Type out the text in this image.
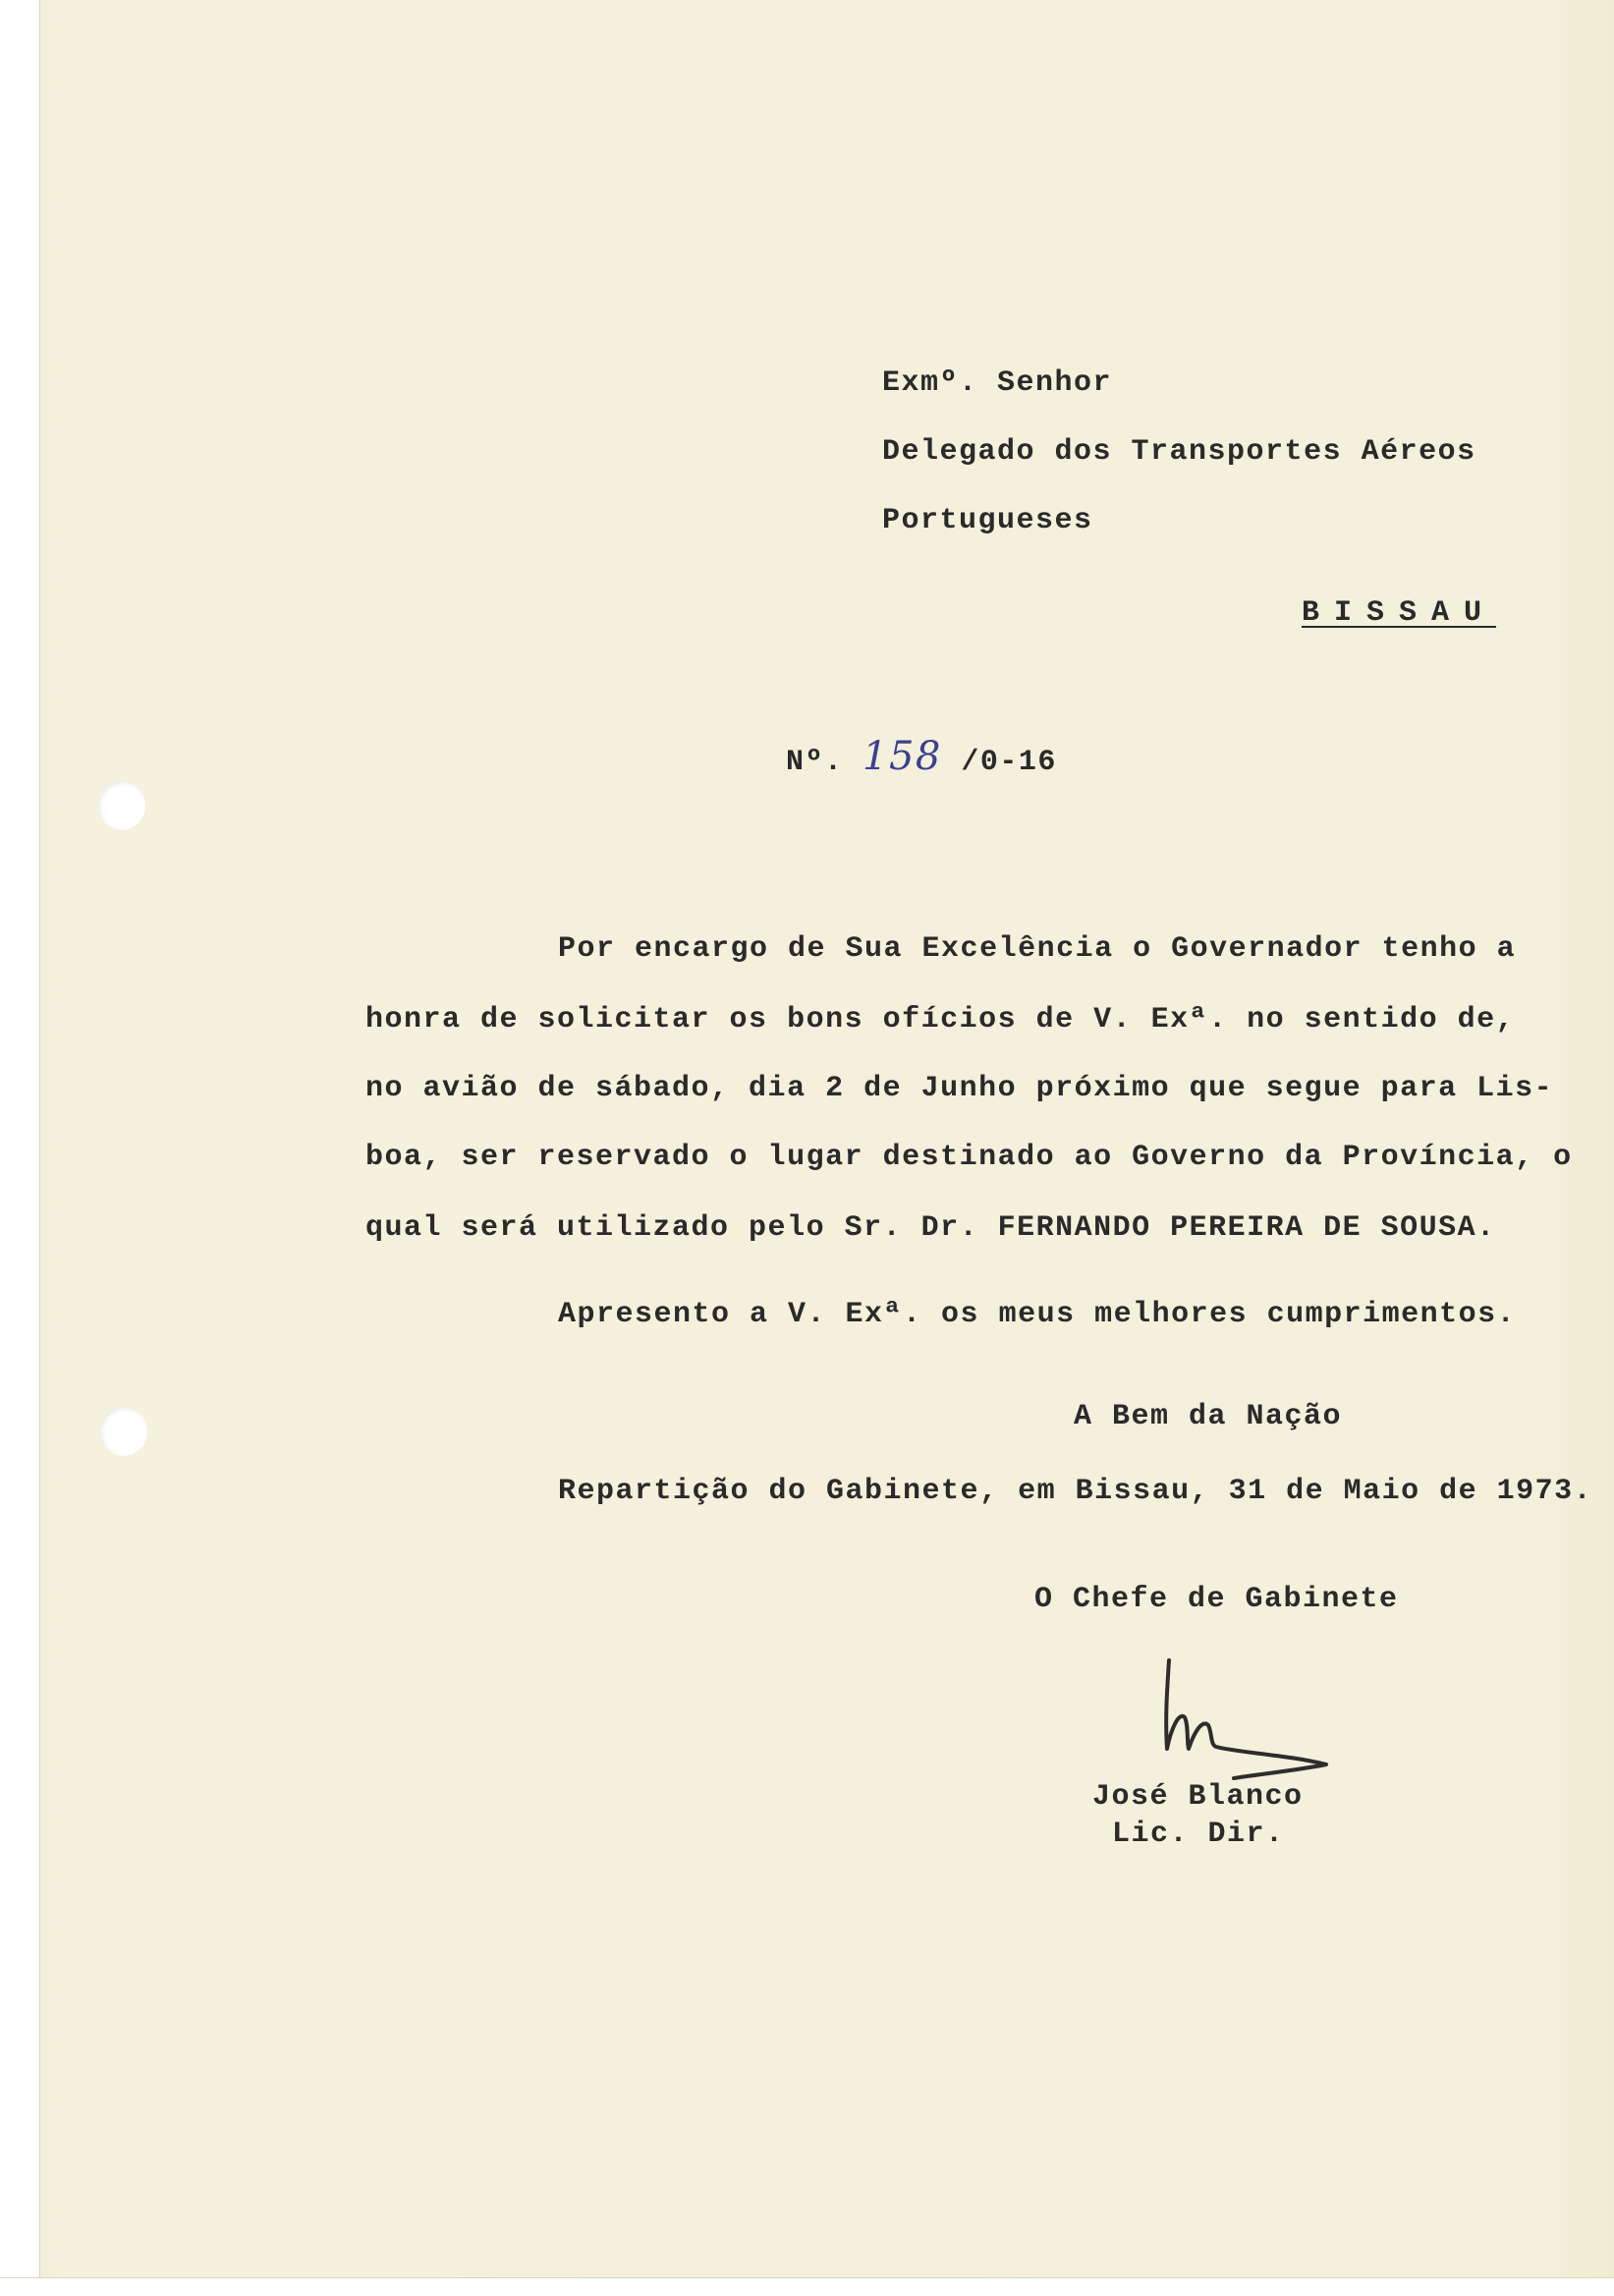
Exmº. Senhor
Delegado dos Transportes Aéreos
Portugueses
BISSAU
Nº. 158 /0-16
Por encargo de Sua Excelência o Governador tenho a
honra de solicitar os bons ofícios de V. Exª. no sentido de,
no avião de sábado, dia 2 de Junho próximo que segue para Lis-
boa, ser reservado o lugar destinado ao Governo da Província, o
qual será utilizado pelo Sr. Dr. FERNANDO PEREIRA DE SOUSA.
Apresento a V. Exª. os meus melhores cumprimentos.
A Bem da Nação
Repartição do Gabinete, em Bissau, 31 de Maio de 1973.
O Chefe de Gabinete
José Blanco
Lic. Dir.
